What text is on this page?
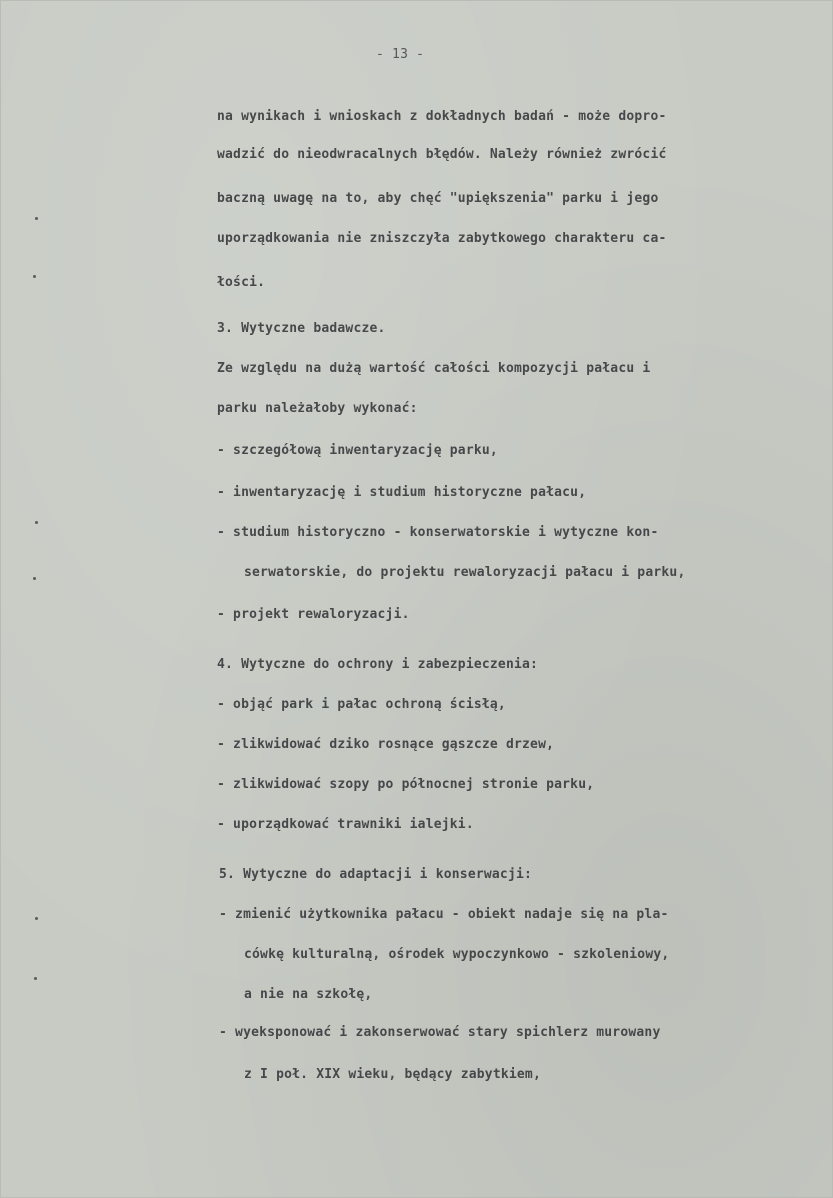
- 13 -
na wynikach i wnioskach z dokładnych badań - może dopro-
wadzić do nieodwracalnych błędów. Należy również zwrócić
baczną uwagę na to, aby chęć "upiększenia" parku i jego
uporządkowania nie zniszczyła zabytkowego charakteru ca-
łości.
3. Wytyczne badawcze.
Ze względu na dużą wartość całości kompozycji pałacu i
parku należałoby wykonać:
- szczegółową inwentaryzację parku,
- inwentaryzację i studium historyczne pałacu,
- studium historyczno - konserwatorskie i wytyczne kon-
serwatorskie, do projektu rewaloryzacji pałacu i parku,
- projekt rewaloryzacji.
4. Wytyczne do ochrony i zabezpieczenia:
- objąć park i pałac ochroną ścisłą,
- zlikwidować dziko rosnące gąszcze drzew,
- zlikwidować szopy po północnej stronie parku,
- uporządkować trawniki ialejki.
5. Wytyczne do adaptacji i konserwacji:
- zmienić użytkownika pałacu - obiekt nadaje się na pla-
cówkę kulturalną, ośrodek wypoczynkowo - szkoleniowy,
a nie na szkołę,
- wyeksponować i zakonserwować stary spichlerz murowany
z I poł. XIX wieku, będący zabytkiem,
